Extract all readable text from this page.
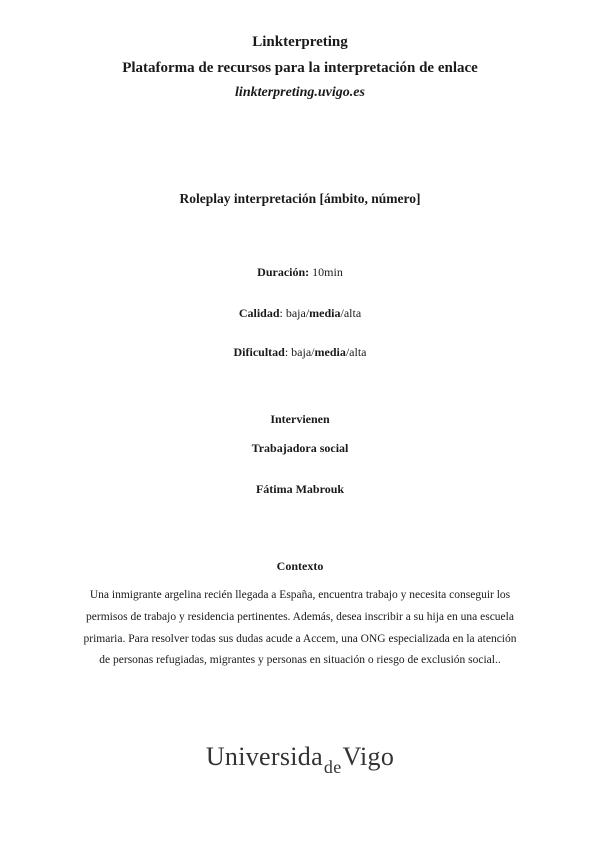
Linkterpreting
Plataforma de recursos para la interpretación de enlace
linkterpreting.uvigo.es
Roleplay interpretación [ámbito, número]
Duración: 10min
Calidad: baja/media/alta
Dificultad: baja/media/alta
Intervienen
Trabajadora social
Fátima Mabrouk
Contexto
Una inmigrante argelina recién llegada a España, encuentra trabajo y necesita conseguir los permisos de trabajo y residencia pertinentes. Además, desea inscribir a su hija en una escuela primaria. Para resolver todas sus dudas acude a Accem, una ONG especializada en la atención de personas refugiadas, migrantes y personas en situación o riesgo de exclusión social..
Universida$_{de}$Vigo
